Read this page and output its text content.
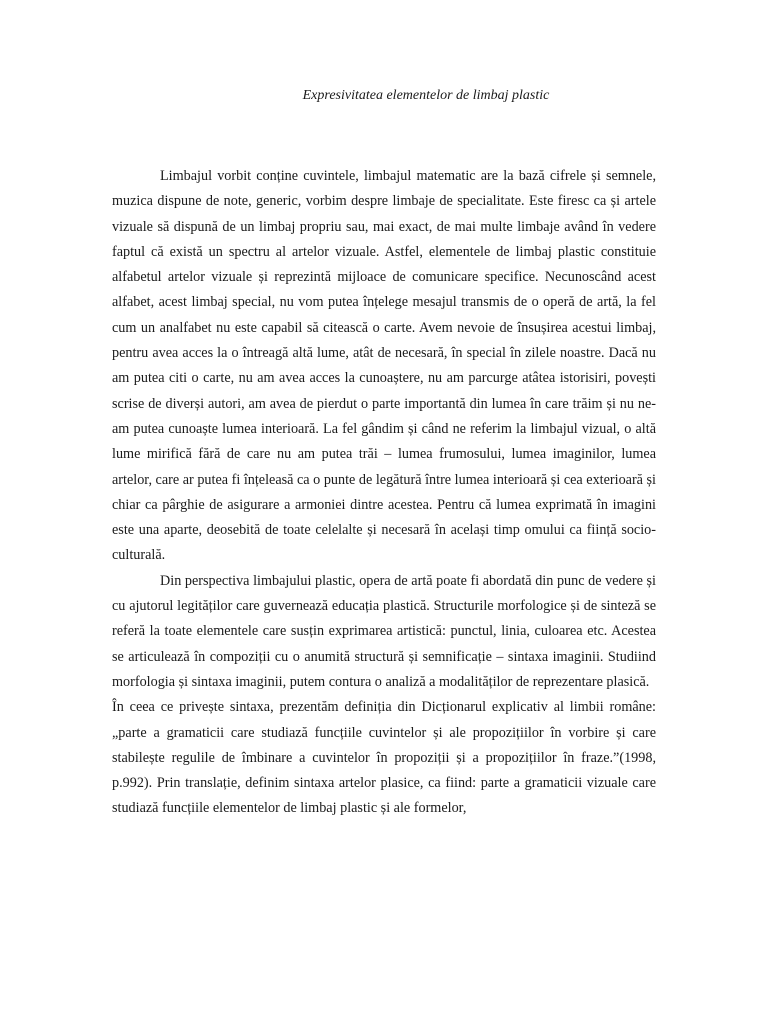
Expresivitatea elementelor de limbaj plastic

Limbajul vorbit conține cuvintele, limbajul matematic are la bază cifrele și semnele, muzica dispune de note, generic, vorbim despre limbaje de specialitate. Este firesc ca și artele vizuale să dispună de un limbaj propriu sau, mai exact, de mai multe limbaje având în vedere faptul că există un spectru al artelor vizuale. Astfel, elementele de limbaj plastic constituie alfabetul artelor vizuale și reprezintă mijloace de comunicare specifice. Necunoscând acest alfabet, acest limbaj special, nu vom putea înțelege mesajul transmis de o operă de artă, la fel cum un analfabet nu este capabil să citească o carte. Avem nevoie de însușirea acestui limbaj, pentru avea acces la o întreagă altă lume, atât de necesară, în special în zilele noastre. Dacă nu am putea citi o carte, nu am avea acces la cunoaștere, nu am parcurge atâtea istorisiri, povești scrise de diverși autori, am avea de pierdut o parte importantă din lumea în care trăim și nu ne-am putea cunoaște lumea interioară. La fel gândim și când ne referim la limbajul vizual, o altă lume mirifică fără de care nu am putea trăi – lumea frumosului, lumea imaginilor, lumea artelor, care ar putea fi înțeleasă ca o punte de legătură între lumea interioară și cea exterioară și chiar ca pârghie de asigurare a armoniei dintre acestea. Pentru că lumea exprimată în imagini este una aparte, deosebită de toate celelalte și necesară în același timp omului ca ființă socio-culturală.

Din perspectiva limbajului plastic, opera de artă poate fi abordată din punc de vedere și cu ajutorul legităților care guvernează educația plastică. Structurile morfologice și de sinteză se referă la toate elementele care susțin exprimarea artistică: punctul, linia, culoarea etc. Acestea se articulează în compoziții cu o anumită structură și semnificație – sintaxa imaginii. Studiind morfologia și sintaxa imaginii, putem contura o analiză a modalităților de reprezentare plasică.

În ceea ce privește sintaxa, prezentăm definiția din Dicționarul explicativ al limbii române: „parte a gramaticii care studiază funcțiile cuvintelor și ale propozițiilor în vorbire și care stabilește regulile de îmbinare a cuvintelor în propoziții și a propozițiilor în fraze.”(1998, p.992). Prin translație, definim sintaxa artelor plasice, ca fiind: parte a gramaticii vizuale care studiază funcțiile elementelor de limbaj plastic și ale formelor,
